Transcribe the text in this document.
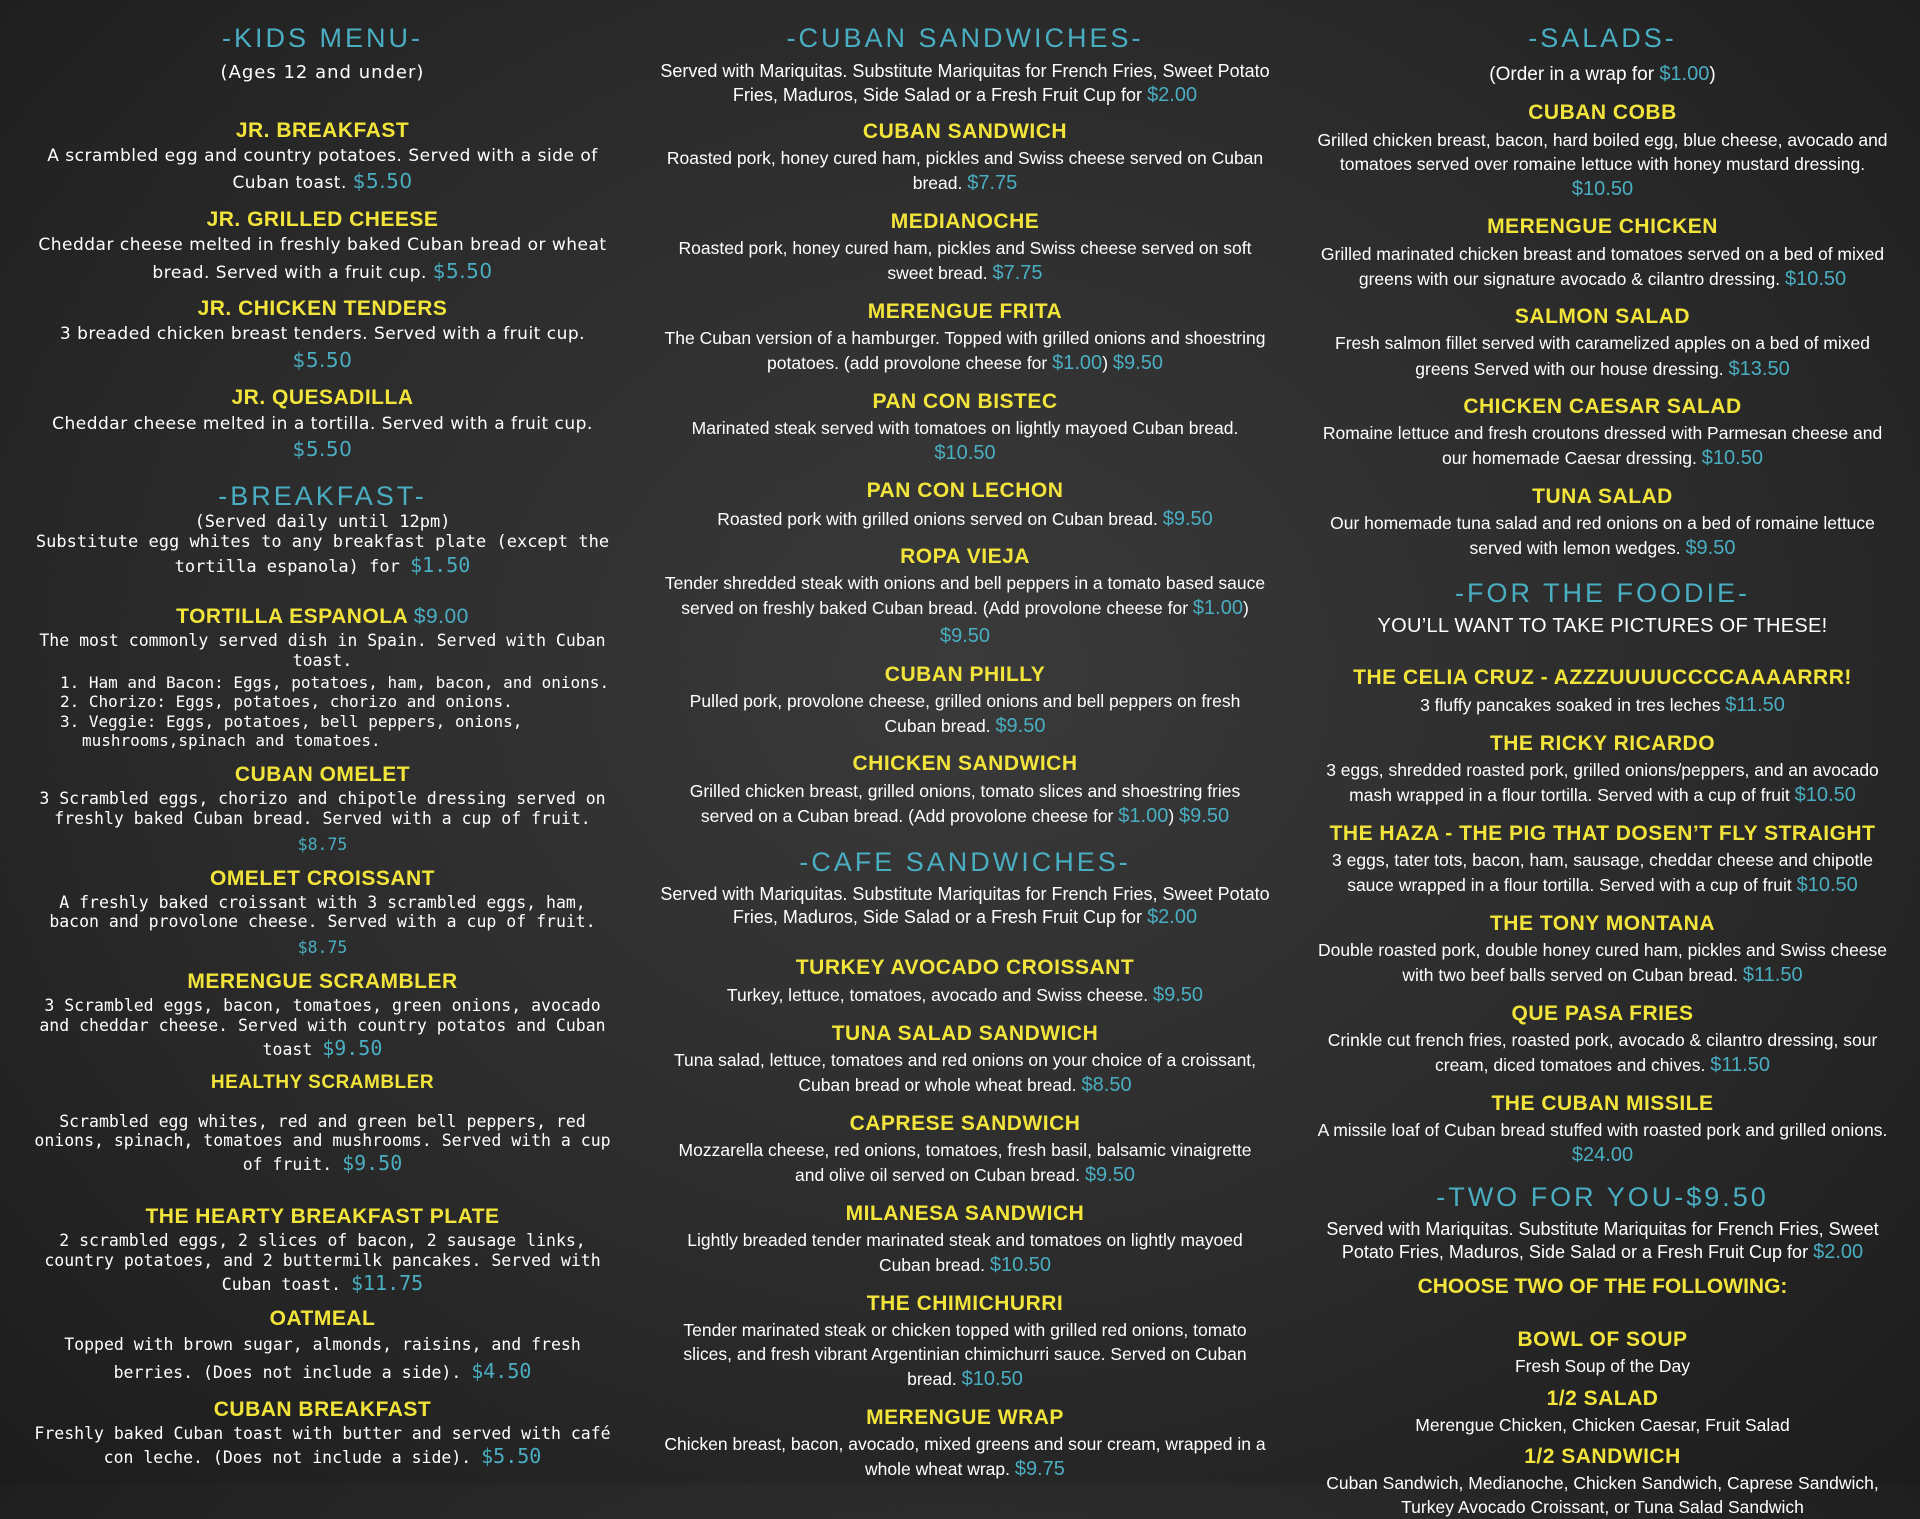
-KIDS MENU-

(Ages 12 and under)

JR. BREAKFAST

A scrambled egg and country potatoes. Served with a side of Cuban toast. $5.50

JR. GRILLED CHEESE

Cheddar cheese melted in freshly baked Cuban bread or wheat bread. Served with a fruit cup. $5.50

JR. CHICKEN TENDERS

3 breaded chicken breast tenders. Served with a fruit cup. $5.50

JR. QUESADILLA

Cheddar cheese melted in a tortilla. Served with a fruit cup. $5.50

-BREAKFAST-

(Served daily until 12pm)

Substitute egg whites to any breakfast plate (except the tortilla espanola) for $1.50

TORTILLA ESPANOLA $9.00

The most commonly served dish in Spain. Served with Cuban toast.

1. Ham and Bacon: Eggs, potatoes, ham, bacon, and onions.
2. Chorizo: Eggs, potatoes, chorizo and onions.
3. Veggie: Eggs, potatoes, bell peppers, onions, mushrooms,spinach and tomatoes.

CUBAN OMELET

3 Scrambled eggs, chorizo and chipotle dressing served on freshly baked Cuban bread. Served with a cup of fruit.

$8.75

OMELET CROISSANT

A freshly baked croissant with 3 scrambled eggs, ham, bacon and provolone cheese. Served with a cup of fruit.

$8.75

MERENGUE SCRAMBLER

3 Scrambled eggs, bacon, tomatoes, green onions, avocado and cheddar cheese. Served with country potatos and Cuban toast $9.50

HEALTHY SCRAMBLER

Scrambled egg whites, red and green bell peppers, red onions, spinach, tomatoes and mushrooms. Served with a cup of fruit. $9.50

THE HEARTY BREAKFAST PLATE

2 scrambled eggs, 2 slices of bacon, 2 sausage links, country potatoes, and 2 buttermilk pancakes. Served with Cuban toast. $11.75

OATMEAL

Topped with brown sugar, almonds, raisins, and fresh berries. (Does not include a side). $4.50

CUBAN BREAKFAST

Freshly baked Cuban toast with butter and served with café con leche. (Does not include a side). $5.50

-CUBAN SANDWICHES-

Served with Mariquitas. Substitute Mariquitas for French Fries, Sweet Potato Fries, Maduros, Side Salad or a Fresh Fruit Cup for $2.00

CUBAN SANDWICH

Roasted pork, honey cured ham, pickles and Swiss cheese served on Cuban bread. $7.75

MEDIANOCHE

Roasted pork, honey cured ham, pickles and Swiss cheese served on soft sweet bread. $7.75

MERENGUE FRITA

The Cuban version of a hamburger. Topped with grilled onions and shoestring potatoes. (add provolone cheese for $1.00) $9.50

PAN CON BISTEC

Marinated steak served with tomatoes on lightly mayoed Cuban bread. $10.50

PAN CON LECHON

Roasted pork with grilled onions served on Cuban bread. $9.50

ROPA VIEJA

Tender shredded steak with onions and bell peppers in a tomato based sauce served on freshly baked Cuban bread. (Add provolone cheese for $1.00) $9.50

CUBAN PHILLY

Pulled pork, provolone cheese, grilled onions and bell peppers on fresh Cuban bread. $9.50

CHICKEN SANDWICH

Grilled chicken breast, grilled onions, tomato slices and shoestring fries served on a Cuban bread. (Add provolone cheese for $1.00) $9.50

-CAFE SANDWICHES-

Served with Mariquitas. Substitute Mariquitas for French Fries, Sweet Potato Fries, Maduros, Side Salad or a Fresh Fruit Cup for $2.00

TURKEY AVOCADO CROISSANT

Turkey, lettuce, tomatoes, avocado and Swiss cheese. $9.50

TUNA SALAD SANDWICH

Tuna salad, lettuce, tomatoes and red onions on your choice of a croissant, Cuban bread or whole wheat bread. $8.50

CAPRESE SANDWICH

Mozzarella cheese, red onions, tomatoes, fresh basil, balsamic vinaigrette and olive oil served on Cuban bread. $9.50

MILANESA SANDWICH

Lightly breaded tender marinated steak and tomatoes on lightly mayoed Cuban bread. $10.50

THE CHIMICHURRI

Tender marinated steak or chicken topped with grilled red onions, tomato slices, and fresh vibrant Argentinian chimichurri sauce. Served on Cuban bread. $10.50

MERENGUE WRAP

Chicken breast, bacon, avocado, mixed greens and sour cream, wrapped in a whole wheat wrap. $9.75

-SALADS-

(Order in a wrap for $1.00)

CUBAN COBB

Grilled chicken breast, bacon, hard boiled egg, blue cheese, avocado and tomatoes served over romaine lettuce with honey mustard dressing. $10.50

MERENGUE CHICKEN

Grilled marinated chicken breast and tomatoes served on a bed of mixed greens with our signature avocado & cilantro dressing. $10.50

SALMON SALAD

Fresh salmon fillet served with caramelized apples on a bed of mixed greens Served with our house dressing. $13.50

CHICKEN CAESAR SALAD

Romaine lettuce and fresh croutons dressed with Parmesan cheese and our homemade Caesar dressing. $10.50

TUNA SALAD

Our homemade tuna salad and red onions on a bed of romaine lettuce served with lemon wedges. $9.50

-FOR THE FOODIE-

YOU’LL WANT TO TAKE PICTURES OF THESE!

THE CELIA CRUZ - AZZZUUUUCCCCAAAARRR!

3 fluffy pancakes soaked in tres leches $11.50

THE RICKY RICARDO

3 eggs, shredded roasted pork, grilled onions/peppers, and an avocado mash wrapped in a flour tortilla. Served with a cup of fruit $10.50

THE HAZA - THE PIG THAT DOSEN’T FLY STRAIGHT

3 eggs, tater tots, bacon, ham, sausage, cheddar cheese and chipotle sauce wrapped in a flour tortilla. Served with a cup of fruit $10.50

THE TONY MONTANA

Double roasted pork, double honey cured ham, pickles and Swiss cheese with two beef balls served on Cuban bread. $11.50

QUE PASA FRIES

Crinkle cut french fries, roasted pork, avocado & cilantro dressing, sour cream, diced tomatoes and chives. $11.50

THE CUBAN MISSILE

A missile loaf of Cuban bread stuffed with roasted pork and grilled onions. $24.00

-TWO FOR YOU-$9.50

Served with Mariquitas. Substitute Mariquitas for French Fries, Sweet Potato Fries, Maduros, Side Salad or a Fresh Fruit Cup for $2.00

CHOOSE TWO OF THE FOLLOWING:

BOWL OF SOUP

Fresh Soup of the Day

1/2 SALAD

Merengue Chicken, Chicken Caesar, Fruit Salad

1/2 SANDWICH

Cuban Sandwich, Medianoche, Chicken Sandwich, Caprese Sandwich, Turkey Avocado Croissant, or Tuna Salad Sandwich
